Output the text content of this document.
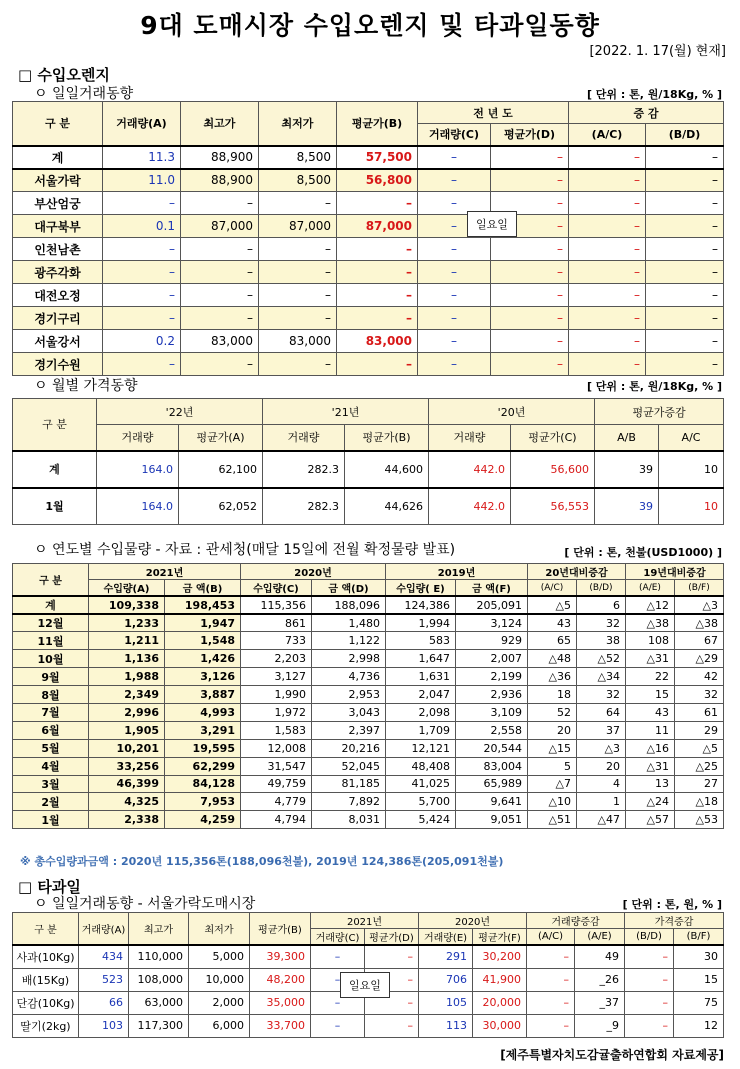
9대 도매시장 수입오렌지 및 타과일동향
[2022. 1. 17(월) 현재]
□ 수입오렌지
ㅇ 일일거래동향	[ 단위 : 톤, 원/18Kg, % ]
구 분	거래량(A)	최고가	최저가	평균가(B)	전 년 도		증 감	
					거래량(C)	평균가(D)	(A/C)	(B/D)
계	11.3	88,900	8,500	57,500	–	–	–	–
서울가락	11.0	88,900	8,500	56,800	–	–	–	–
부산엄궁	–	–	–	–	–	–	–	–
대구북부	0.1	87,000	87,000	87,000	–	–	–	–
인천남촌	–	–	–	–	–	–	–	–
광주각화	–	–	–	–	–	–	–	–
대전오정	–	–	–	–	–	–	–	–
경기구리	–	–	–	–	–	–	–	–
서울강서	0.2	83,000	83,000	83,000	–	–	–	–
경기수원	–	–	–	–	–	–	–	–
일요일
ㅇ 월별 가격동향	[ 단위 : 톤, 원/18Kg, % ]
구 분	'22년		'21년		'20년		평균가증감	
	거래량	평균가(A)	거래량	평균가(B)	거래량	평균가(C)	A/B	A/C
계	164.0	62,100	282.3	44,600	442.0	56,600	39	10
1월	164.0	62,052	282.3	44,626	442.0	56,553	39	10
ㅇ 연도별 수입물량 - 자료 : 관세청(매달 15일에 전월 확정물량 발표)	[ 단위 : 톤, 천불(USD1000) ]
구 분	2021년		2020년		2019년		20년대비증감		19년대비증감	
	수입량(A)	금 액(B)	수입량(C)	금 액(D)	수입량( E)	금 액(F)	(A/C)	(B/D)	(A/E)	(B/F)
계	109,338	198,453	115,356	188,096	124,386	205,091	△5	6	△12	△3
12월	1,233	1,947	861	1,480	1,994	3,124	43	32	△38	△38
11월	1,211	1,548	733	1,122	583	929	65	38	108	67
10월	1,136	1,426	2,203	2,998	1,647	2,007	△48	△52	△31	△29
9월	1,988	3,126	3,127	4,736	1,631	2,199	△36	△34	22	42
8월	2,349	3,887	1,990	2,953	2,047	2,936	18	32	15	32
7월	2,996	4,993	1,972	3,043	2,098	3,109	52	64	43	61
6월	1,905	3,291	1,583	2,397	1,709	2,558	20	37	11	29
5월	10,201	19,595	12,008	20,216	12,121	20,544	△15	△3	△16	△5
4월	33,256	62,299	31,547	52,045	48,408	83,004	5	20	△31	△25
3월	46,399	84,128	49,759	81,185	41,025	65,989	△7	4	13	27
2월	4,325	7,953	4,779	7,892	5,700	9,641	△10	1	△24	△18
1월	2,338	4,259	4,794	8,031	5,424	9,051	△51	△47	△57	△53
※ 총수입량과금액 : 2020년 115,356톤(188,096천불), 2019년 124,386톤(205,091천불)
□ 타과일
ㅇ 일일거래동향 - 서울가락도매시장	[ 단위 : 톤, 원, % ]
구 분	거래량(A)	최고가	최저가	평균가(B)	2021년		2020년		거래량증감		가격증감	
					거래량(C)	평균가(D)	거래량(E)	평균가(F)	(A/C)	(A/E)	(B/D)	(B/F)
사과(10Kg)	434	110,000	5,000	39,300	–	–	291	30,200	–	49	–	30
배(15Kg)	523	108,000	10,000	48,200	–	–	706	41,900	–	_26	–	15
단감(10Kg)	66	63,000	2,000	35,000	–	–	105	20,000	–	_37	–	75
딸기(2kg)	103	117,300	6,000	33,700	–	–	113	30,000	–	_9	–	12
일요일
[제주특별자치도감귤출하연합회 자료제공]
